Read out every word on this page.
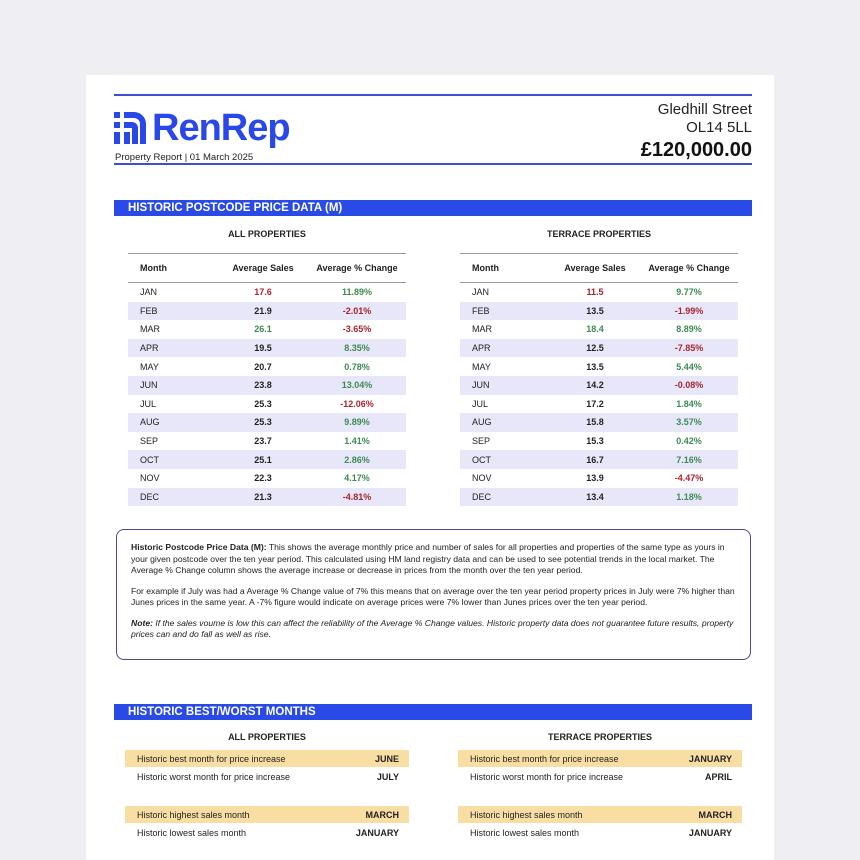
RenRep
Property Report | 01 March 2025
Gledhill Street
OL14 5LL
£120,000.00
HISTORIC POSTCODE PRICE DATA (M)
ALL PROPERTIES
Month	Average Sales	Average % Change
JAN	17.6	11.89%
FEB	21.9	-2.01%
MAR	26.1	-3.65%
APR	19.5	8.35%
MAY	20.7	0.78%
JUN	23.8	13.04%
JUL	25.3	-12.06%
AUG	25.3	9.89%
SEP	23.7	1.41%
OCT	25.1	2.86%
NOV	22.3	4.17%
DEC	21.3	-4.81%
TERRACE PROPERTIES
Month	Average Sales	Average % Change
JAN	11.5	9.77%
FEB	13.5	-1.99%
MAR	18.4	8.89%
APR	12.5	-7.85%
MAY	13.5	5.44%
JUN	14.2	-0.08%
JUL	17.2	1.84%
AUG	15.8	3.57%
SEP	15.3	0.42%
OCT	16.7	7.16%
NOV	13.9	-4.47%
DEC	13.4	1.18%

Historic Postcode Price Data (M): This shows the average monthly price and number of sales for all properties and properties of the same type as yours in your given postcode over the ten year period. This calculated using HM land registry data and can be used to see potential trends in the local market. The Average % Change column shows the average increase or decrease in prices from the month over the ten year period.

For example if July was had a Average % Change value of 7% this means that on average over the ten year period property prices in July were 7% higher than Junes prices in the same year. A -7% figure would indicate on average prices were 7% lower than Junes prices over the ten year period.

Note: If the sales voume is low this can affect the reliability of the Average % Change values. Historic property data does not guarantee future results, property prices can and do fall as well as rise.

HISTORIC BEST/WORST MONTHS
ALL PROPERTIES
Historic best month for price increase	JUNE
Historic worst month for price increase	JULY
Historic highest sales month	MARCH
Historic lowest sales month	JANUARY
TERRACE PROPERTIES
Historic best month for price increase	JANUARY
Historic worst month for price increase	APRIL
Historic highest sales month	MARCH
Historic lowest sales month	JANUARY
